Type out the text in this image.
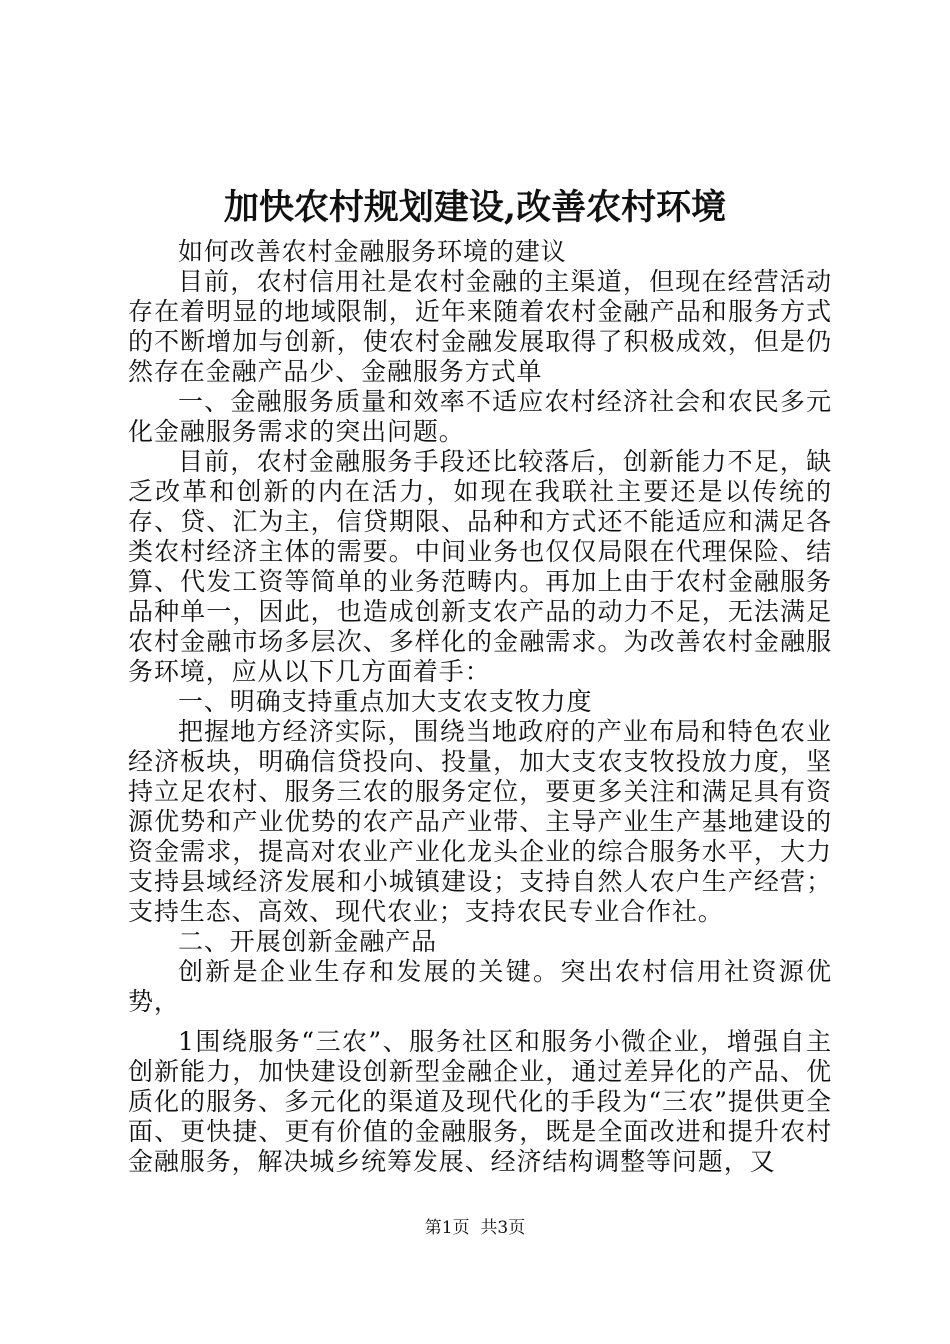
加快农村规划建设,改善农村环境

如何改善农村金融服务环境的建议

目前，农村信用社是农村金融的主渠道，但现在经营活动存在着明显的地域限制，近年来随着农村金融产品和服务方式的不断增加与创新，使农村金融发展取得了积极成效，但是仍然存在金融产品少、金融服务方式单

一、金融服务质量和效率不适应农村经济社会和农民多元化金融服务需求的突出问题。

目前，农村金融服务手段还比较落后，创新能力不足，缺乏改革和创新的内在活力，如现在我联社主要还是以传统的存、贷、汇为主，信贷期限、品种和方式还不能适应和满足各类农村经济主体的需要。中间业务也仅仅局限在代理保险、结算、代发工资等简单的业务范畴内。再加上由于农村金融服务品种单一，因此，也造成创新支农产品的动力不足，无法满足农村金融市场多层次、多样化的金融需求。为改善农村金融服务环境，应从以下几方面着手：

一、明确支持重点加大支农支牧力度

把握地方经济实际，围绕当地政府的产业布局和特色农业经济板块，明确信贷投向、投量，加大支农支牧投放力度，坚持立足农村、服务三农的服务定位，要更多关注和满足具有资源优势和产业优势的农产品产业带、主导产业生产基地建设的资金需求，提高对农业产业化龙头企业的综合服务水平，大力支持县域经济发展和小城镇建设；支持自然人农户生产经营；支持生态、高效、现代农业；支持农民专业合作社。

二、开展创新金融产品

创新是企业生存和发展的关键。突出农村信用社资源优势，

1围绕服务“三农”、服务社区和服务小微企业，增强自主创新能力，加快建设创新型金融企业，通过差异化的产品、优质化的服务、多元化的渠道及现代化的手段为“三农”提供更全面、更快捷、更有价值的金融服务，既是全面改进和提升农村金融服务，解决城乡统筹发展、经济结构调整等问题，又

第1页 共3页
